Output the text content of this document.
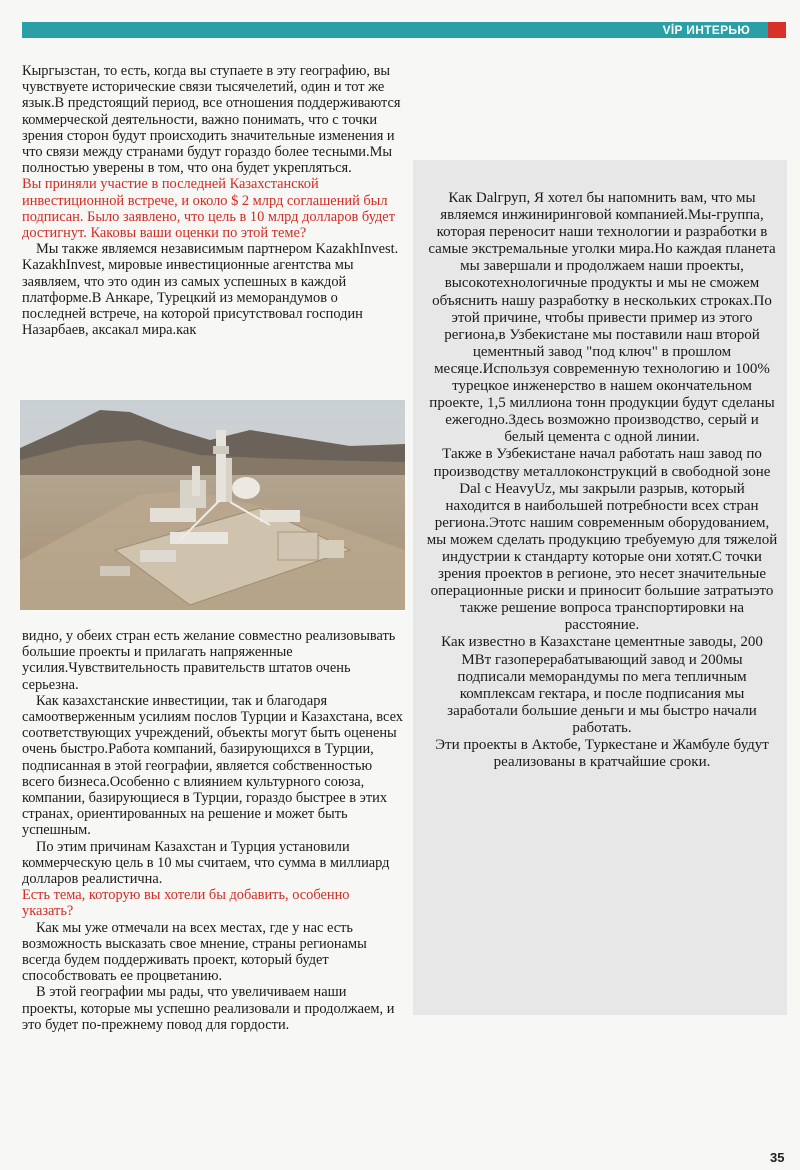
VİP ИНТЕРЬЮ

Кыргызстан, то есть, когда вы ступаете в эту географию, вы чувствуете исторические связи тысячелетий, один и тот же язык.В предстоящий период, все отношения поддерживаются коммерческой деятельности, важно понимать, что с точки зрения сторон будут происходить значительные изменения и что связи между странами будут гораздо более тесными.Мы полностью уверены в том, что она будет укрепляться.

Вы приняли участие в последней Казахстанской инвестиционной встрече, и около $ 2 млрд соглашений был подписан. Было заявлено, что цель в 10 млрд долларов будет достигнут. Каковы ваши оценки по этой теме?

Мы также являемся независимым партнером KazakhInvest. KazakhInvest, мировые инвестиционные агентства мы заявляем, что это один из самых успешных в каждой платформе.В Анкаре, Турецкий из меморандумов о последней встрече, на которой присутствовал господин Назарбаев, аксакал мира.как

видно, у обеих стран есть желание совместно реализовывать большие проекты и прилагать напряженные усилия.Чувствительность правительств штатов очень серьезна.

Как казахстанские инвестиции, так и благодаря самоотверженным усилиям послов Турции и Казахстана, всех соответствующих учреждений, объекты могут быть оценены очень быстро.Работа компаний, базирующихся в Турции, подписанная в этой географии, является собственностью всего бизнеса.Особенно с влиянием культурного союза, компании, базирующиеся в Турции, гораздо быстрее в этих странах, ориентированных на решение и может быть успешным.

По этим причинам Казахстан и Турция установили коммерческую цель в 10 мы считаем, что сумма в миллиард долларов реалистична.

Есть тема, которую вы хотели бы добавить, особенно указать?

Как мы уже отмечали на всех местах, где у нас есть возможность высказать свое мнение, страны регионамы всегда будем поддерживать проект, который будет способствовать ее процветанию.

В этой географии мы рады, что увеличиваем наши проекты, которые мы успешно реализовали и продолжаем, и это будет по-прежнему повод для гордости.

Как Dalгруп, Я хотел бы напомнить вам, что мы являемся инжиниринговой компанией.Мы-группа, которая переносит наши технологии и разработки в самые экстремальные уголки мира.Но каждая планета мы завершали и продолжаем наши проекты, высокотехнологичные продукты и мы не сможем объяснить нашу разработку в нескольких строках.По этой причине, чтобы привести пример из этого региона,в Узбекистане мы поставили наш второй цементный завод "под ключ" в прошлом месяце.Используя современную технологию и 100% турецкое инженерство в нашем окончательном проекте, 1,5 миллиона тонн продукции будут сделаны ежегодно.Здесь возможно производство, серый и белый цемента с одной линии.

Также в Узбекистане начал работать наш завод по производству металлоконструкций в свободной зоне Dal с HeavyUz, мы закрыли разрыв, который находится в наибольшей потребности всех стран региона.Этотс нашим современным оборудованием, мы можем сделать продукцию требуемую для тяжелой индустрии к стандарту которые они хотят.С точки зрения проектов в регионе, это несет значительные операционные риски и приносит большие затратыэто также решение вопроса транспортировки на расстояние.

Как известно в Казахстане цементные заводы, 200 МВт газоперерабатывающий завод и 200мы подписали меморандумы по мега тепличным комплексам гектара, и после подписания мы заработали большие деньги и мы быстро начали работать.

Эти проекты в Актобе, Туркестане и Жамбуле будут реализованы в кратчайшие сроки.

35
